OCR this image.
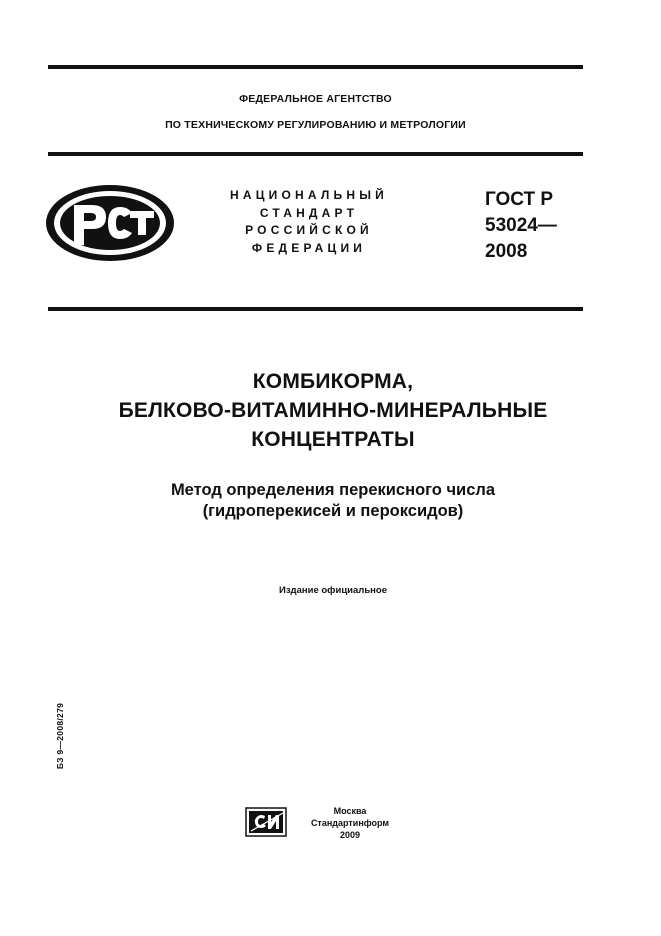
ФЕДЕРАЛЬНОЕ АГЕНТСТВО
ПО ТЕХНИЧЕСКОМУ РЕГУЛИРОВАНИЮ И МЕТРОЛОГИИ
НАЦИОНАЛЬНЫЙ
СТАНДАРТ
РОССИЙСКОЙ
ФЕДЕРАЦИИ
ГОСТ Р
53024—
2008
КОМБИКОРМА,
БЕЛКОВО-ВИТАМИННО-МИНЕРАЛЬНЫЕ
КОНЦЕНТРАТЫ
Метод определения перекисного числа
(гидроперекисей и пероксидов)
Издание официальное
БЗ 9—2008/279
Москва
Стандартинформ
2009
